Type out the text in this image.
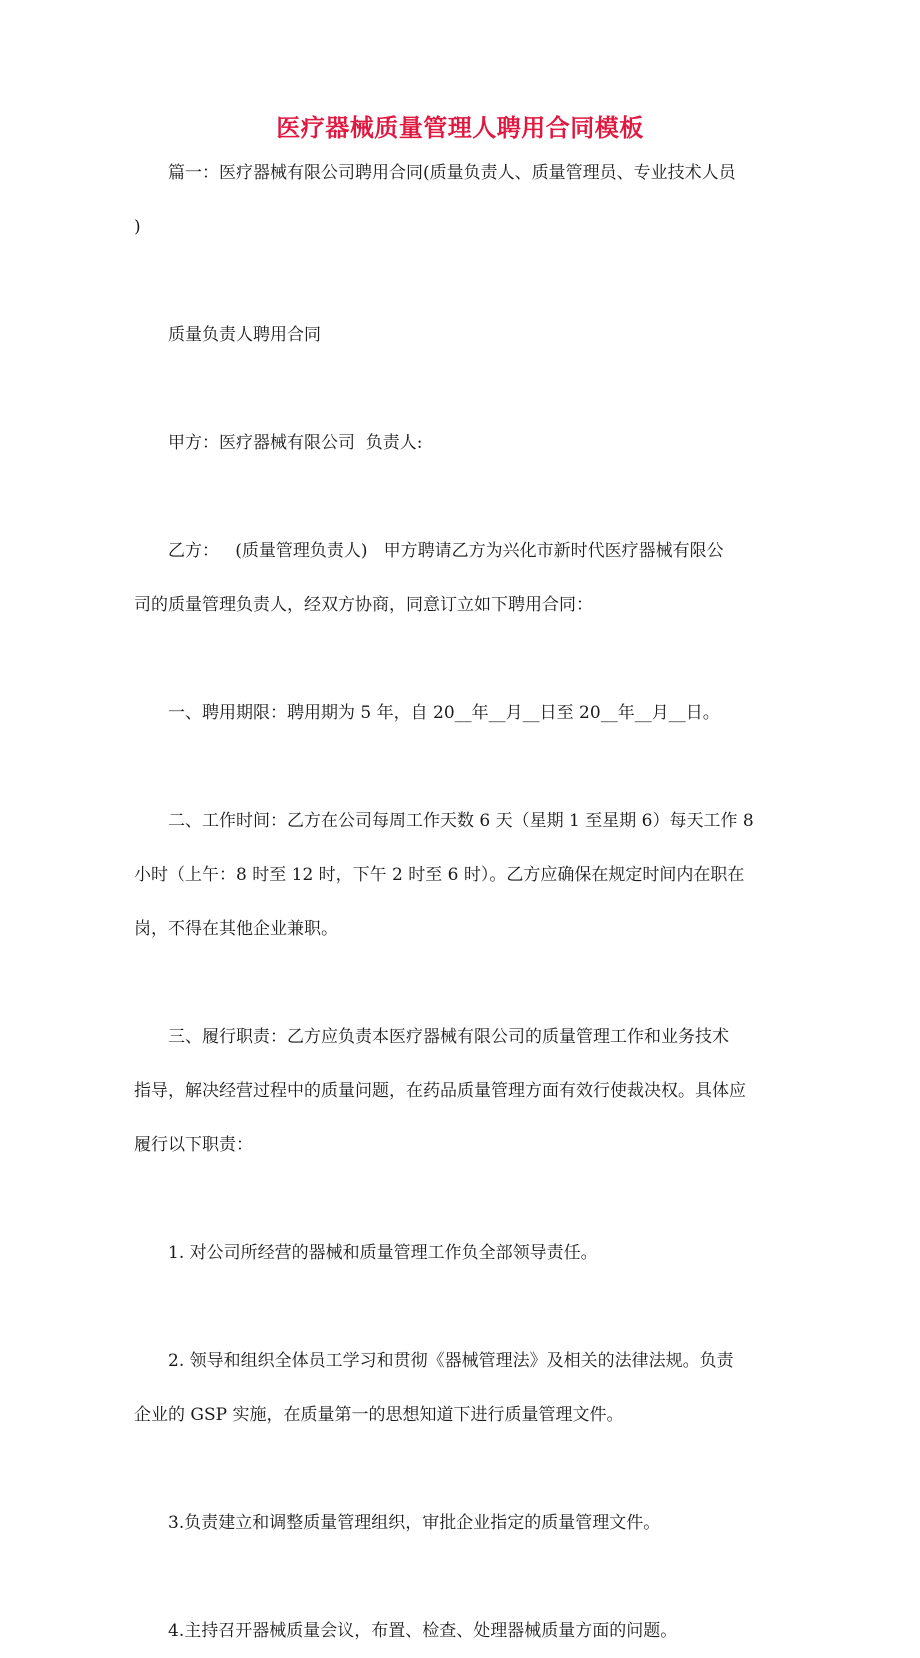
医疗器械质量管理人聘用合同模板
篇一：医疗器械有限公司聘用合同(质量负责人、质量管理员、专业技术人员
)
质量负责人聘用合同
甲方：医疗器械有限公司  负责人:
乙方：   (质量管理负责人)   甲方聘请乙方为兴化市新时代医疗器械有限公
司的质量管理负责人，经双方协商，同意订立如下聘用合同：
一、聘用期限：聘用期为 5 年，自 20__年__月__日至 20__年__月__日。
二、工作时间：乙方在公司每周工作天数 6 天（星期 1 至星期 6）每天工作 8
小时（上午：8 时至 12 时，下午 2 时至 6 时）。乙方应确保在规定时间内在职在
岗，不得在其他企业兼职。
三、履行职责：乙方应负责本医疗器械有限公司的质量管理工作和业务技术
指导，解决经营过程中的质量问题，在药品质量管理方面有效行使裁决权。具体应
履行以下职责：
1. 对公司所经营的器械和质量管理工作负全部领导责任。
2. 领导和组织全体员工学习和贯彻《器械管理法》及相关的法律法规。负责
企业的 GSP 实施，在质量第一的思想知道下进行质量管理文件。
3.负责建立和调整质量管理组织，审批企业指定的质量管理文件。
4.主持召开器械质量会议，布置、检查、处理器械质量方面的问题。
